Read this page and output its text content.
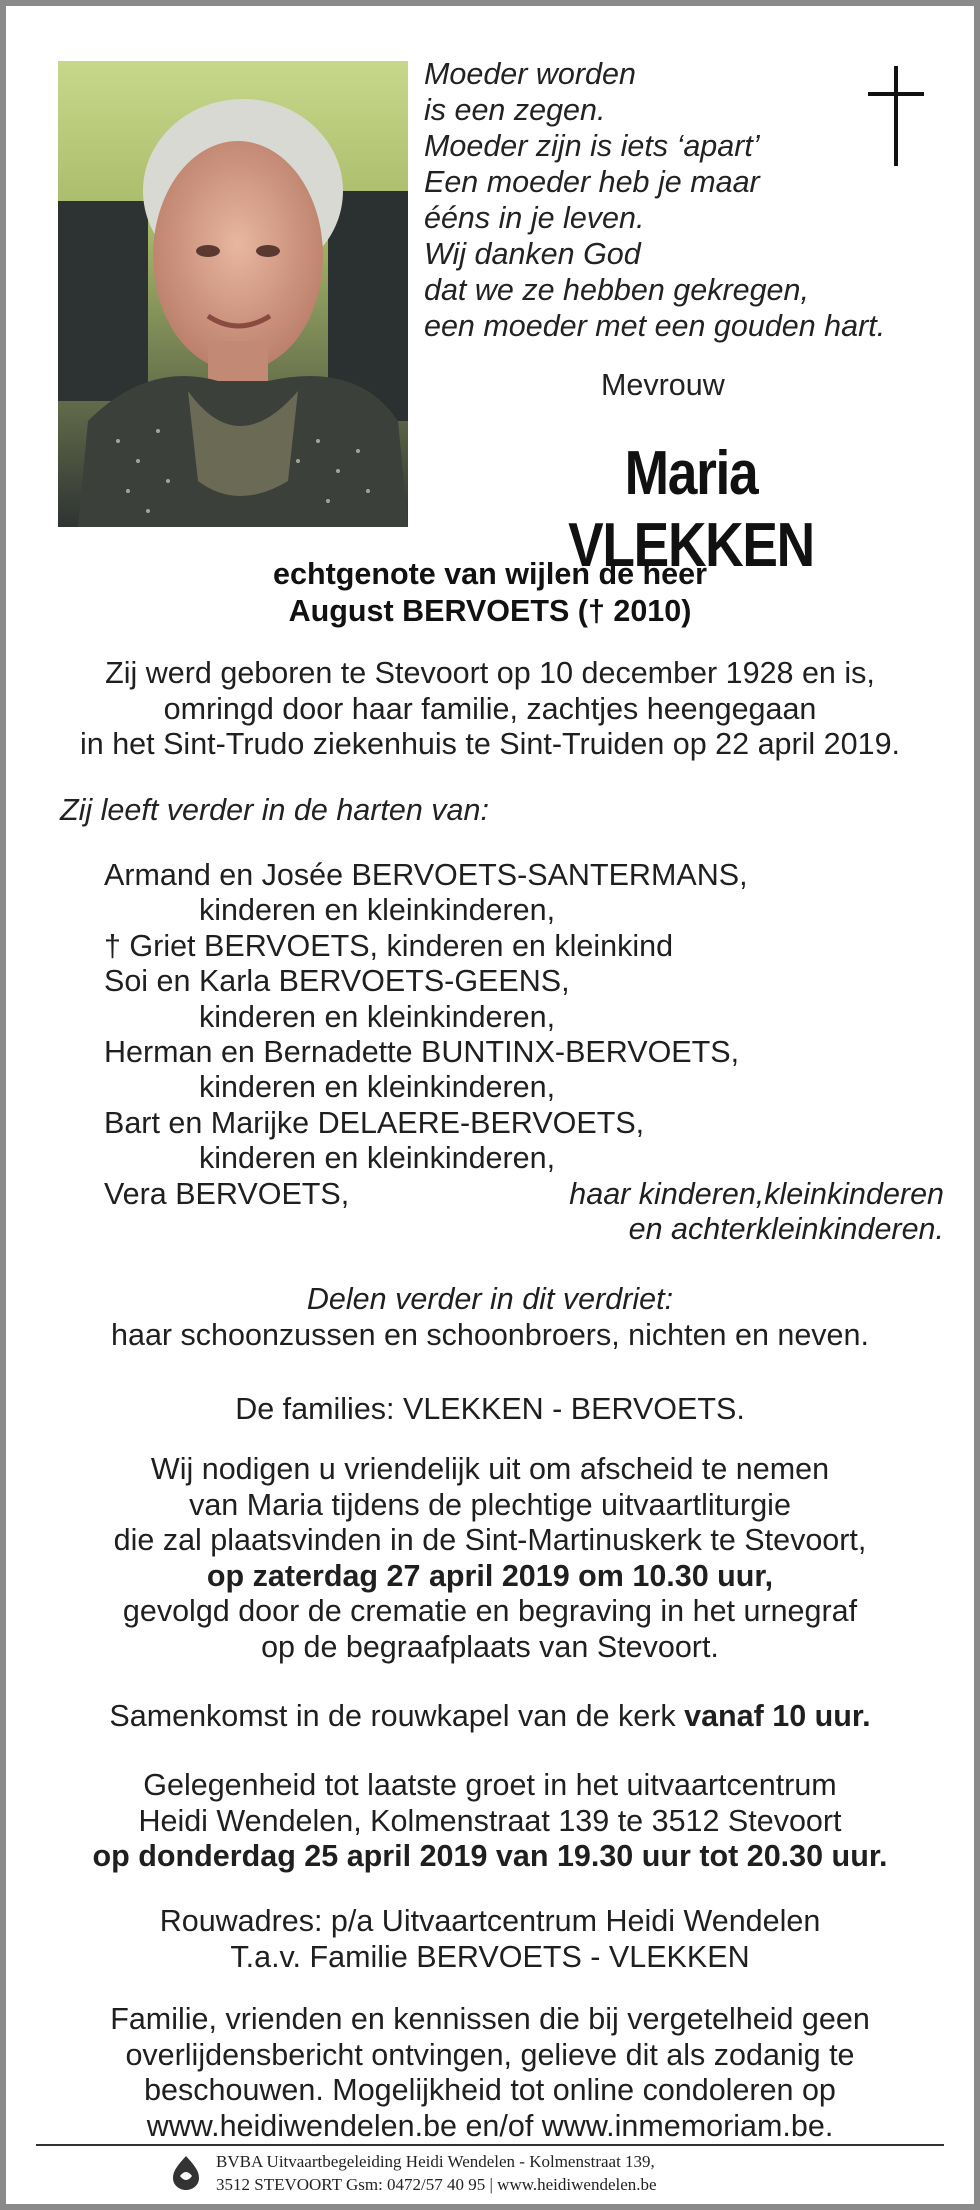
Moeder worden
is een zegen.
Moeder zijn is iets ‘apart’
Een moeder heb je maar
ééns in je leven.
Wij danken God
dat we ze hebben gekregen,
een moeder met een gouden hart.
Mevrouw
Maria VLEKKEN
echtgenote van wijlen de heer
August BERVOETS († 2010)
Zij werd geboren te Stevoort op 10 december 1928 en is,
omringd door haar familie, zachtjes heengegaan
in het Sint-Trudo ziekenhuis te Sint-Truiden op 22 april 2019.
Zij leeft verder in de harten van:
Armand en Josée BERVOETS-SANTERMANS,
kinderen en kleinkinderen,
† Griet BERVOETS, kinderen en kleinkind
Soi en Karla BERVOETS-GEENS,
kinderen en kleinkinderen,
Herman en Bernadette BUNTINX-BERVOETS,
kinderen en kleinkinderen,
Bart en Marijke DELAERE-BERVOETS,
kinderen en kleinkinderen,
Vera BERVOETS,	haar kinderen,kleinkinderen
en achterkleinkinderen.
Delen verder in dit verdriet:
haar schoonzussen en schoonbroers, nichten en neven.
De families: VLEKKEN - BERVOETS.
Wij nodigen u vriendelijk uit om afscheid te nemen
van Maria tijdens de plechtige uitvaartliturgie
die zal plaatsvinden in de Sint-Martinuskerk te Stevoort,
op zaterdag 27 april 2019 om 10.30 uur,
gevolgd door de crematie en begraving in het urnegraf
op de begraafplaats van Stevoort.
Samenkomst in de rouwkapel van de kerk vanaf 10 uur.
Gelegenheid tot laatste groet in het uitvaartcentrum
Heidi Wendelen, Kolmenstraat 139 te 3512 Stevoort
op donderdag 25 april 2019 van 19.30 uur tot 20.30 uur.
Rouwadres: p/a Uitvaartcentrum Heidi Wendelen
T.a.v. Familie BERVOETS - VLEKKEN
Familie, vrienden en kennissen die bij vergetelheid geen
overlijdensbericht ontvingen, gelieve dit als zodanig te
beschouwen. Mogelijkheid tot online condoleren op
www.heidiwendelen.be en/of www.inmemoriam.be.
BVBA Uitvaartbegeleiding Heidi Wendelen - Kolmenstraat 139,
3512 STEVOORT Gsm: 0472/57 40 95 | www.heidiwendelen.be
